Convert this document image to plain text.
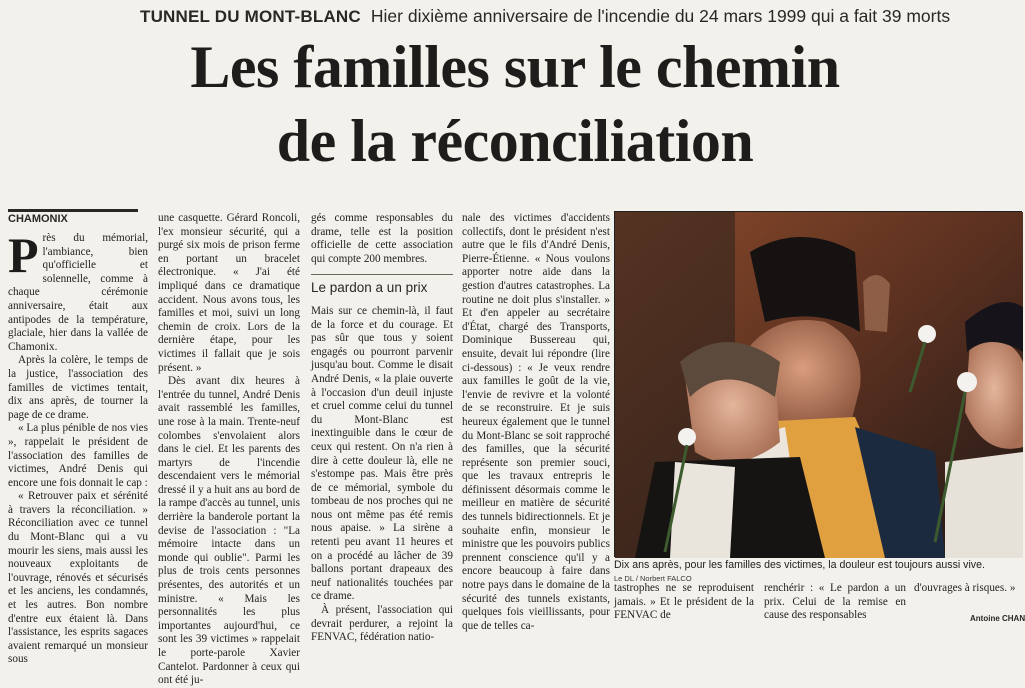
TUNNEL DU MONT-BLANC Hier dixième anniversaire de l'incendie du 24 mars 1999 qui a fait 39 morts
Les familles sur le chemin
de la réconciliation
CHAMONIX

Près du mémorial, l'ambiance, bien qu'officielle et solennelle, comme à chaque cérémonie anniversaire, était aux antipodes de la température, glaciale, hier dans la vallée de Chamonix.

Après la colère, le temps de la justice, l'association des familles de victimes tentait, dix ans après, de tourner la page de ce drame.

« La plus pénible de nos vies », rappelait le président de l'association des familles de victimes, André Denis qui encore une fois donnait le cap :

« Retrouver paix et sérénité à travers la réconciliation. » Réconciliation avec ce tunnel du Mont-Blanc qui a vu mourir les siens, mais aussi les nouveaux exploitants de l'ouvrage, rénovés et sécurisés et les anciens, les condamnés, et les autres. Bon nombre d'entre eux étaient là. Dans l'assistance, les esprits sagaces avaient remarqué un monsieur sous

une casquette. Gérard Roncoli, l'ex monsieur sécurité, qui a purgé six mois de prison ferme en portant un bracelet électronique. « J'ai été impliqué dans ce dramatique accident. Nous avons tous, les familles et moi, suivi un long chemin de croix. Lors de la dernière étape, pour les victimes il fallait que je sois présent. »

Dès avant dix heures à l'entrée du tunnel, André Denis avait rassemblé les familles, une rose à la main. Trente-neuf colombes s'envolaient alors dans le ciel. Et les parents des martyrs de l'incendie descendaient vers le mémorial dressé il y a huit ans au bord de la rampe d'accès au tunnel, unis derrière la banderole portant la devise de l'association : "La mémoire intacte dans un monde qui oublie". Parmi les plus de trois cents personnes présentes, des autorités et un ministre. « Mais les personnalités les plus importantes aujourd'hui, ce sont les 39 victimes » rappelait le porte-parole Xavier Cantelot. Pardonner à ceux qui ont été ju-

gés comme responsables du drame, telle est la position officielle de cette association qui compte 200 membres.

Le pardon a un prix

Mais sur ce chemin-là, il faut de la force et du courage. Et pas sûr que tous y soient engagés ou pourront parvenir jusqu'au bout. Comme le disait André Denis, « la plaie ouverte à l'occasion d'un deuil injuste et cruel comme celui du tunnel du Mont-Blanc est inextinguible dans le cœur de ceux qui restent. On n'a rien à dire à cette douleur là, elle ne s'estompe pas. Mais être près de ce mémorial, symbole du tombeau de nos proches qui ne nous ont même pas été remis nous apaise. » La sirène a retenti peu avant 11 heures et on a procédé au lâcher de 39 ballons portant drapeaux des neuf nationalités touchées par ce drame.

À présent, l'association qui devrait perdurer, a rejoint la FENVAC, fédération natio-

nale des victimes d'accidents collectifs, dont le président n'est autre que le fils d'André Denis, Pierre-Étienne. « Nous voulons apporter notre aide dans la gestion d'autres catastrophes. La routine ne doit plus s'installer. » Et d'en appeler au secrétaire d'État, chargé des Transports, Dominique Bussereau qui, ensuite, devait lui répondre (lire ci-dessous) : « Je veux rendre aux familles le goût de la vie, l'envie de revivre et la volonté de se reconstruire. Et je suis heureux également que le tunnel du Mont-Blanc se soit rapproché des familles, que la sécurité représente son premier souci, que les travaux entrepris le définissent désormais comme le meilleur en matière de sécurité des tunnels bidirectionnels. Et je souhaite enfin, monsieur le ministre que les pouvoirs publics prennent conscience qu'il y a encore beaucoup à faire dans notre pays dans le domaine de la sécurité des tunnels existants, quelques fois vieillissants, pour que de telles ca-

Dix ans après, pour les familles des victimes, la douleur est toujours aussi vive.
Le DL / Norbert FALCO
tastrophes ne se reproduisent jamais. » Et le président de la FENVAC de
renchérir : « Le pardon a un prix. Celui de la remise en cause des responsables
d'ouvrages à risques. »
Antoine CHAN
